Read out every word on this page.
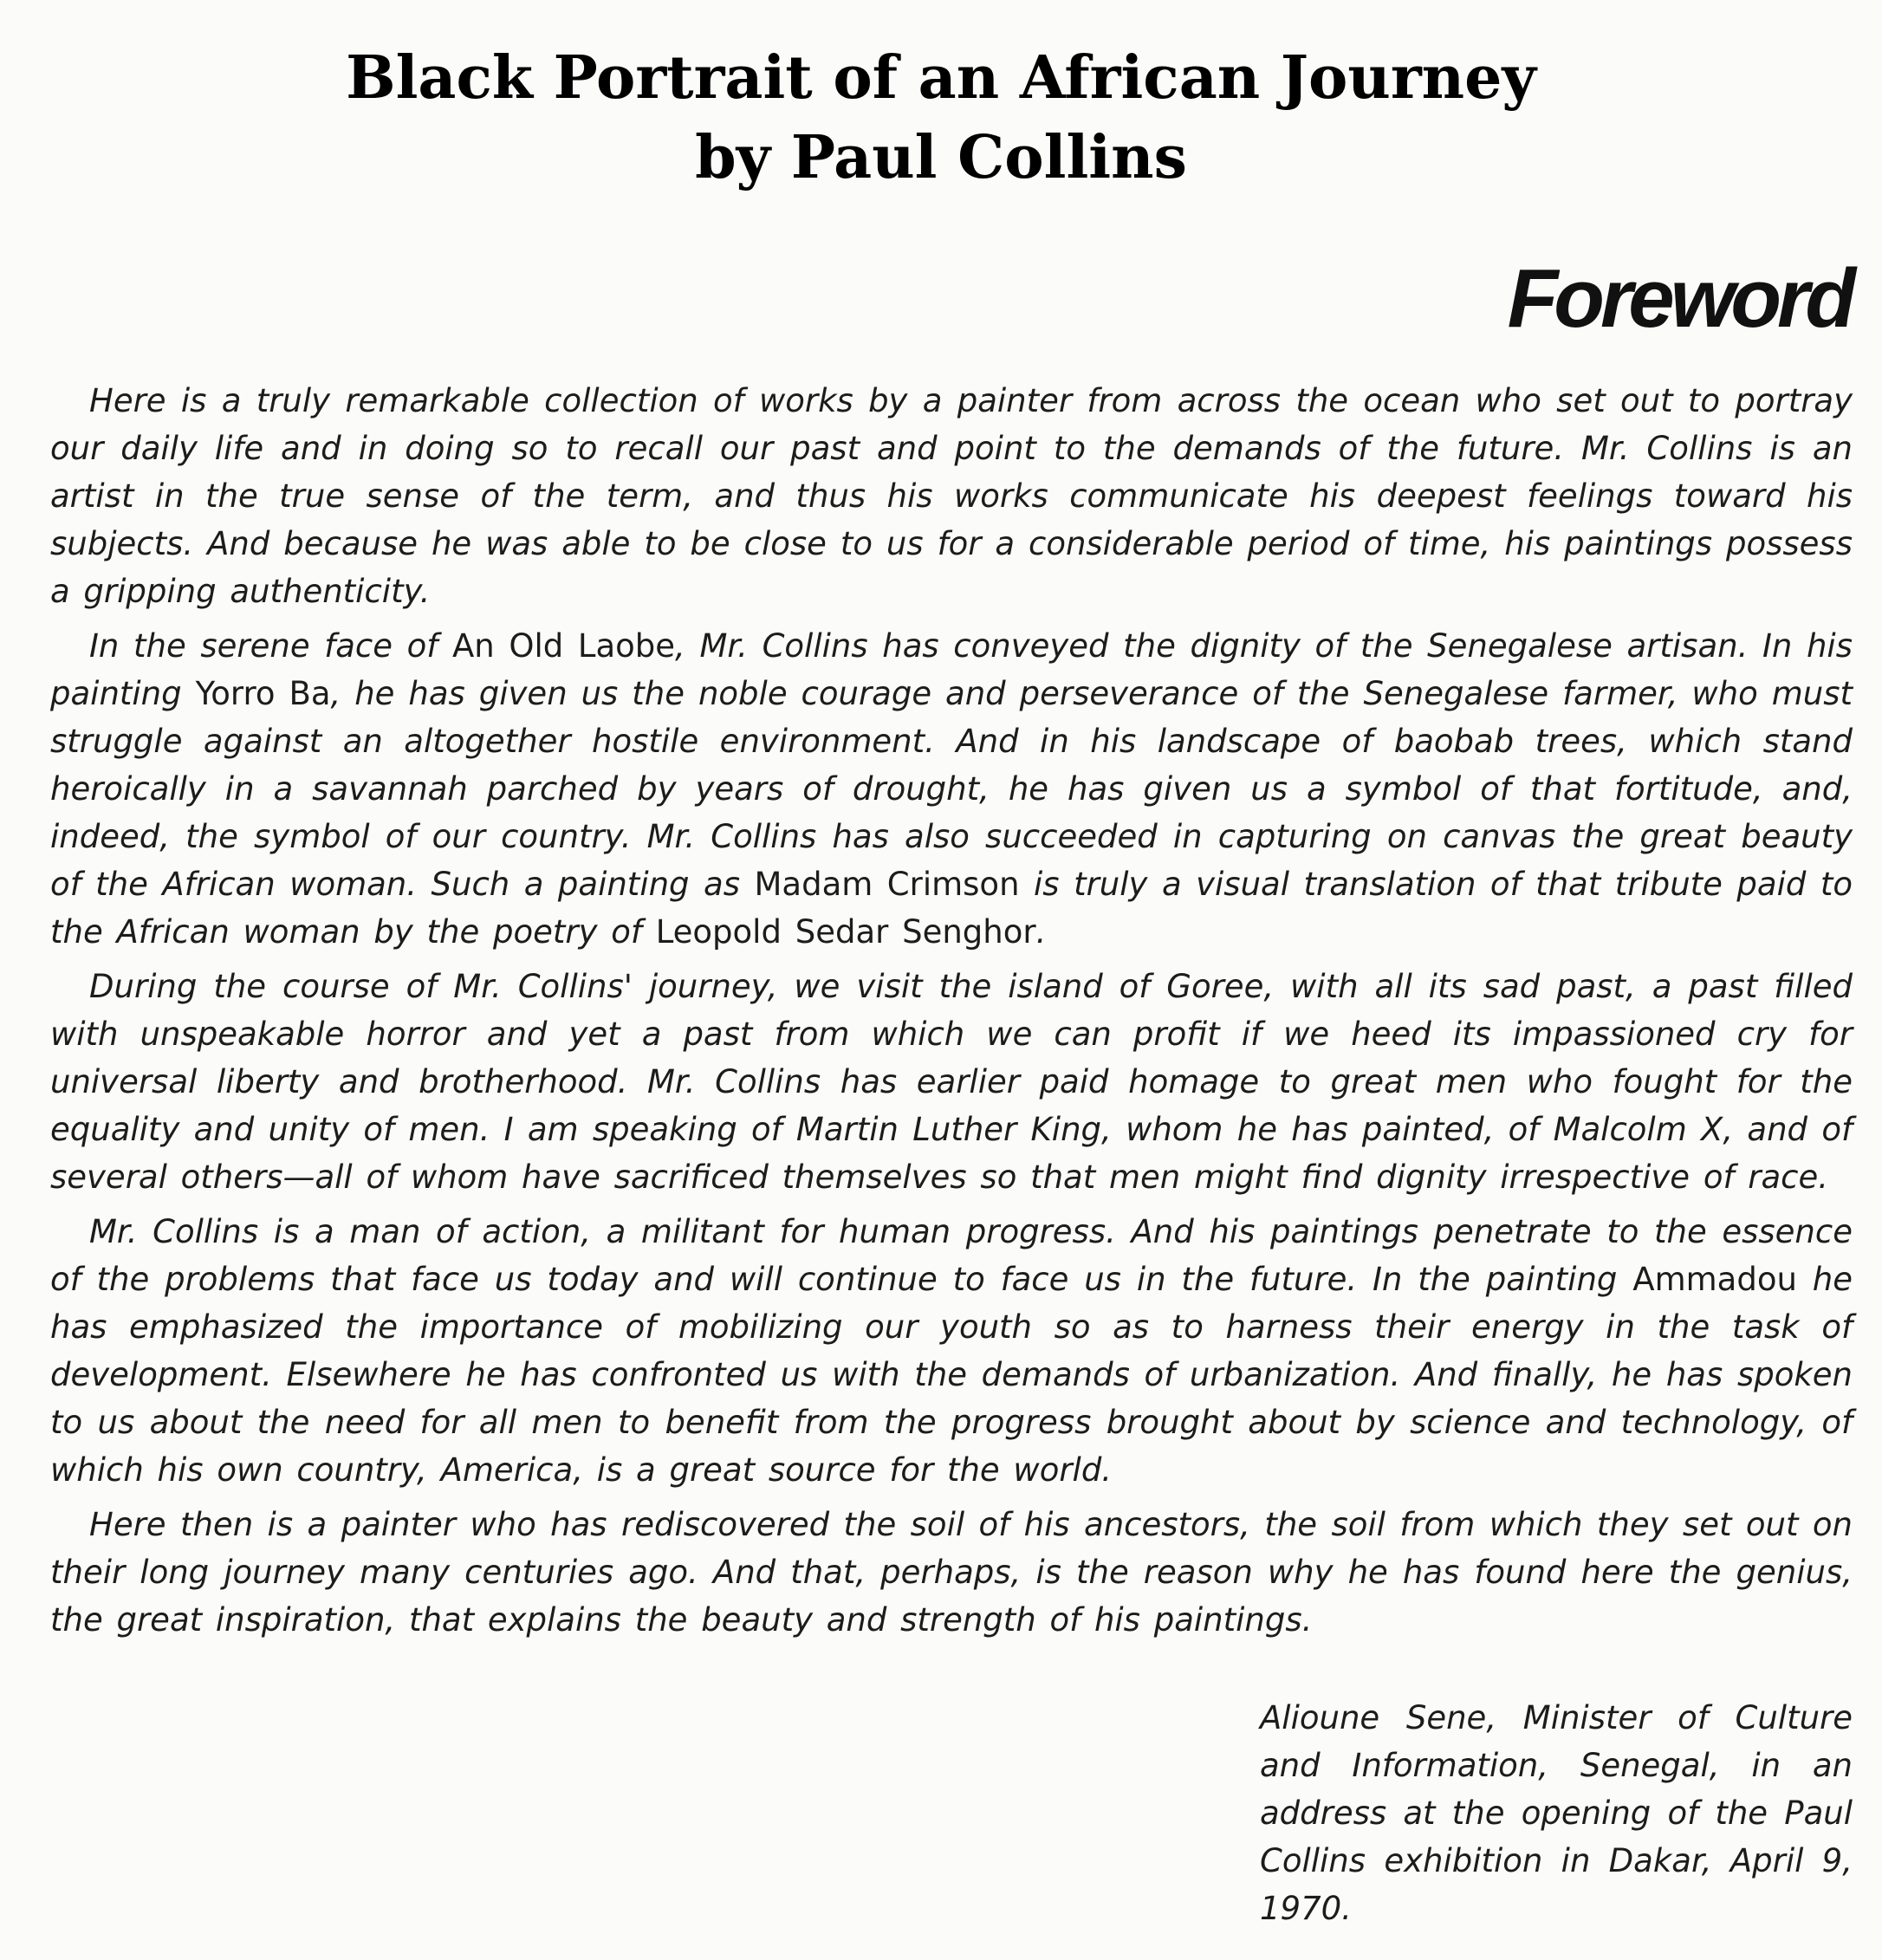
Black Portrait of an African Journey
by Paul Collins
Foreword

Here is a truly remarkable collection of works by a painter from across the ocean who set out to portray our daily life and in doing so to recall our past and point to the demands of the future. Mr. Collins is an artist in the true sense of the term, and thus his works communicate his deepest feelings toward his subjects. And because he was able to be close to us for a considerable period of time, his paintings possess a gripping authenticity.

In the serene face of An Old Laobe, Mr. Collins has conveyed the dignity of the Senegalese artisan. In his painting Yorro Ba, he has given us the noble courage and perseverance of the Senegalese farmer, who must struggle against an altogether hostile environment. And in his landscape of baobab trees, which stand heroically in a savannah parched by years of drought, he has given us a symbol of that fortitude, and, indeed, the symbol of our country. Mr. Collins has also succeeded in capturing on canvas the great beauty of the African woman. Such a painting as Madam Crimson is truly a visual translation of that tribute paid to the African woman by the poetry of Leopold Sedar Senghor.

During the course of Mr. Collins' journey, we visit the island of Goree, with all its sad past, a past filled with unspeakable horror and yet a past from which we can profit if we heed its impassioned cry for universal liberty and brotherhood. Mr. Collins has earlier paid homage to great men who fought for the equality and unity of men. I am speaking of Martin Luther King, whom he has painted, of Malcolm X, and of several others—all of whom have sacrificed themselves so that men might find dignity irrespective of race.

Mr. Collins is a man of action, a militant for human progress. And his paintings penetrate to the essence of the problems that face us today and will continue to face us in the future. In the painting Ammadou he has emphasized the importance of mobilizing our youth so as to harness their energy in the task of development. Elsewhere he has confronted us with the demands of urbanization. And finally, he has spoken to us about the need for all men to benefit from the progress brought about by science and technology, of which his own country, America, is a great source for the world.

Here then is a painter who has rediscovered the soil of his ancestors, the soil from which they set out on their long journey many centuries ago. And that, perhaps, is the reason why he has found here the genius, the great inspiration, that explains the beauty and strength of his paintings.

Alioune Sene, Minister of Culture and Information, Senegal, in an address at the opening of the Paul Collins exhibition in Dakar, April 9, 1970.
